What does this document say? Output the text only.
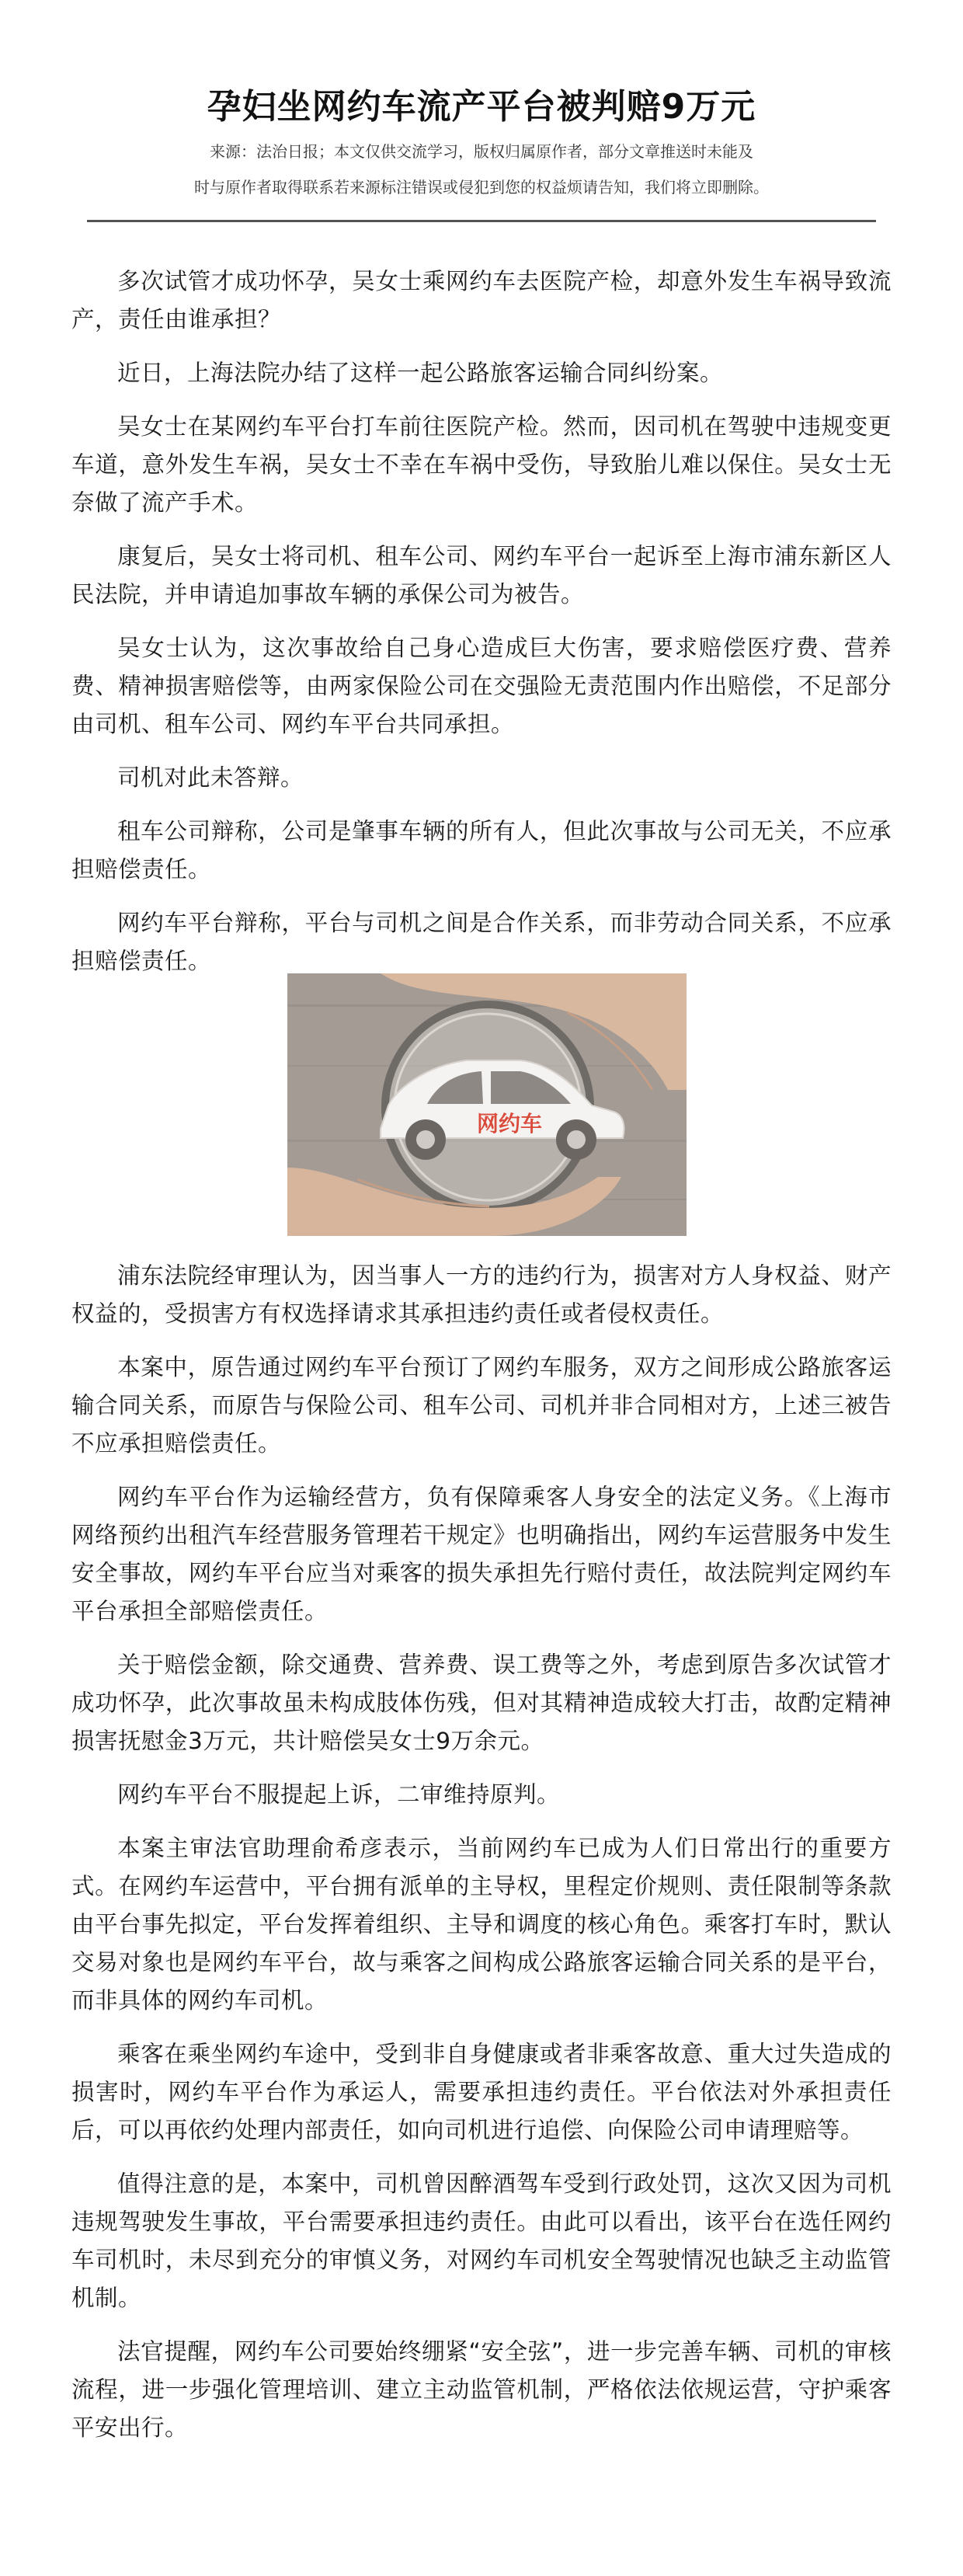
孕妇坐网约车流产平台被判赔9万元
来源：法治日报；本文仅供交流学习，版权归属原作者，部分文章推送时未能及
时与原作者取得联系若来源标注错误或侵犯到您的权益烦请告知，我们将立即删除。

多次试管才成功怀孕，吴女士乘网约车去医院产检，却意外发生车祸导致流产，责任由谁承担？

近日，上海法院办结了这样一起公路旅客运输合同纠纷案。

吴女士在某网约车平台打车前往医院产检。然而，因司机在驾驶中违规变更车道，意外发生车祸，吴女士不幸在车祸中受伤，导致胎儿难以保住。吴女士无奈做了流产手术。

康复后，吴女士将司机、租车公司、网约车平台一起诉至上海市浦东新区人民法院，并申请追加事故车辆的承保公司为被告。

吴女士认为，这次事故给自己身心造成巨大伤害，要求赔偿医疗费、营养费、精神损害赔偿等，由两家保险公司在交强险无责范围内作出赔偿，不足部分由司机、租车公司、网约车平台共同承担。

司机对此未答辩。

租车公司辩称，公司是肇事车辆的所有人，但此次事故与公司无关，不应承担赔偿责任。

网约车平台辩称，平台与司机之间是合作关系，而非劳动合同关系，不应承担赔偿责任。

网约车

浦东法院经审理认为，因当事人一方的违约行为，损害对方人身权益、财产权益的，受损害方有权选择请求其承担违约责任或者侵权责任。

本案中，原告通过网约车平台预订了网约车服务，双方之间形成公路旅客运输合同关系，而原告与保险公司、租车公司、司机并非合同相对方，上述三被告不应承担赔偿责任。

网约车平台作为运输经营方，负有保障乘客人身安全的法定义务。《上海市网络预约出租汽车经营服务管理若干规定》也明确指出，网约车运营服务中发生安全事故，网约车平台应当对乘客的损失承担先行赔付责任，故法院判定网约车平台承担全部赔偿责任。

关于赔偿金额，除交通费、营养费、误工费等之外，考虑到原告多次试管才成功怀孕，此次事故虽未构成肢体伤残，但对其精神造成较大打击，故酌定精神损害抚慰金3万元，共计赔偿吴女士9万余元。

网约车平台不服提起上诉，二审维持原判。

本案主审法官助理俞希彦表示，当前网约车已成为人们日常出行的重要方式。在网约车运营中，平台拥有派单的主导权，里程定价规则、责任限制等条款由平台事先拟定，平台发挥着组织、主导和调度的核心角色。乘客打车时，默认交易对象也是网约车平台，故与乘客之间构成公路旅客运输合同关系的是平台，而非具体的网约车司机。

乘客在乘坐网约车途中，受到非自身健康或者非乘客故意、重大过失造成的损害时，网约车平台作为承运人，需要承担违约责任。平台依法对外承担责任后，可以再依约处理内部责任，如向司机进行追偿、向保险公司申请理赔等。

值得注意的是，本案中，司机曾因醉酒驾车受到行政处罚，这次又因为司机违规驾驶发生事故，平台需要承担违约责任。由此可以看出，该平台在选任网约车司机时，未尽到充分的审慎义务，对网约车司机安全驾驶情况也缺乏主动监管机制。

法官提醒，网约车公司要始终绷紧“安全弦”，进一步完善车辆、司机的审核流程，进一步强化管理培训、建立主动监管机制，严格依法依规运营，守护乘客平安出行。
